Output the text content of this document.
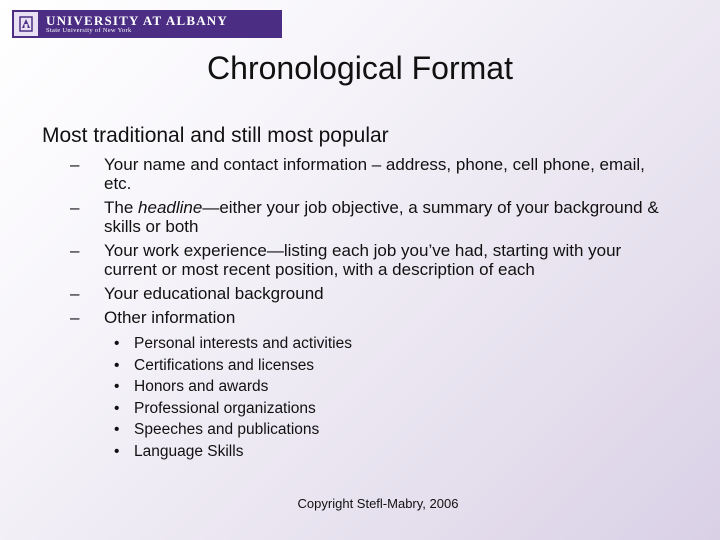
UNIVERSITY AT ALBANY
State University of New York
Chronological Format
Most traditional and still most popular
– Your name and contact information – address, phone, cell phone, email, etc.
– The headline—either your job objective, a summary of your background & skills or both
– Your work experience—listing each job you’ve had, starting with your current or most recent position, with a description of each
– Your educational background
– Other information
• Personal interests and activities
• Certifications and licenses
• Honors and awards
• Professional organizations
• Speeches and publications
• Language Skills
Copyright Stefl-Mabry, 2006
